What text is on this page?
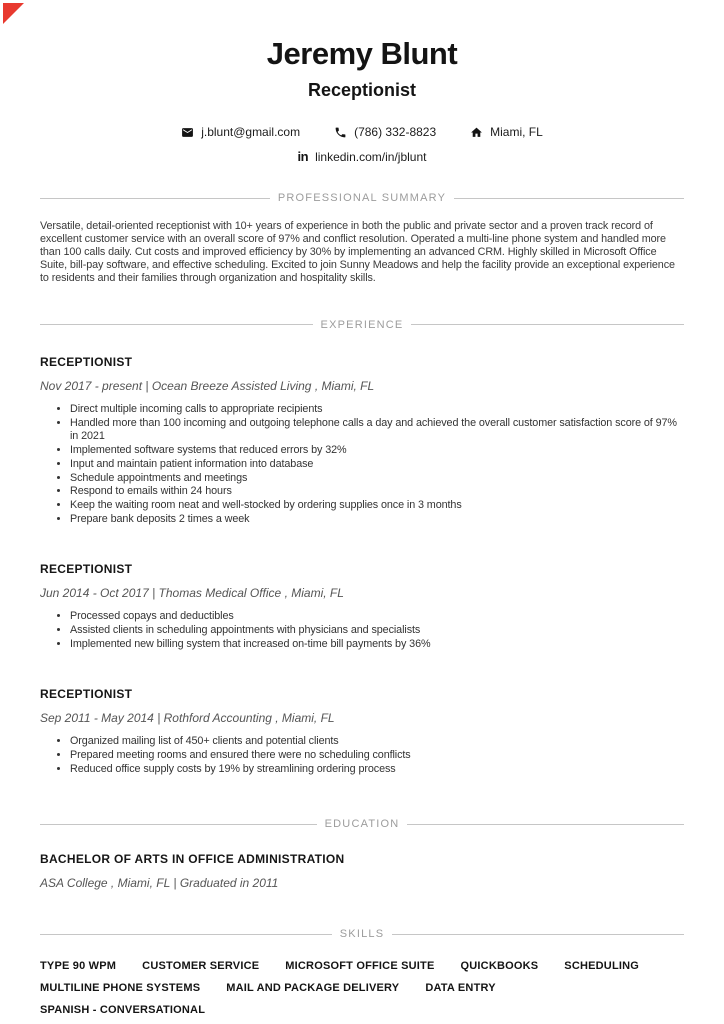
Jeremy Blunt
Receptionist
j.blunt@gmail.com	(786) 332-8823	Miami, FL
in linkedin.com/in/jblunt
PROFESSIONAL SUMMARY

Versatile, detail-oriented receptionist with 10+ years of experience in both the public and private sector and a proven track record of excellent customer service with an overall score of 97% and conflict resolution. Operated a multi-line phone system and handled more than 100 calls daily. Cut costs and improved efficiency by 30% by implementing an advanced CRM. Highly skilled in Microsoft Office Suite, bill-pay software, and effective scheduling. Excited to join Sunny Meadows and help the facility provide an exceptional experience to residents and their families through organization and hospitality skills.

EXPERIENCE
RECEPTIONIST

Nov 2017 - present | Ocean Breeze Assisted Living , Miami, FL

• Direct multiple incoming calls to appropriate recipients
• Handled more than 100 incoming and outgoing telephone calls a day and achieved the overall customer satisfaction score of 97% in 2021
• Implemented software systems that reduced errors by 32%
• Input and maintain patient information into database
• Schedule appointments and meetings
• Respond to emails within 24 hours
• Keep the waiting room neat and well-stocked by ordering supplies once in 3 months
• Prepare bank deposits 2 times a week
RECEPTIONIST

Jun 2014 - Oct 2017 | Thomas Medical Office , Miami, FL

• Processed copays and deductibles
• Assisted clients in scheduling appointments with physicians and specialists
• Implemented new billing system that increased on-time bill payments by 36%
RECEPTIONIST

Sep 2011 - May 2014 | Rothford Accounting , Miami, FL

• Organized mailing list of 450+ clients and potential clients
• Prepared meeting rooms and ensured there were no scheduling conflicts
• Reduced office supply costs by 19% by streamlining ordering process
EDUCATION
BACHELOR OF ARTS IN OFFICE ADMINISTRATION

ASA College , Miami, FL | Graduated in 2011

SKILLS
TYPE 90 WPM CUSTOMER SERVICE MICROSOFT OFFICE SUITE QUICKBOOKS SCHEDULING
MULTILINE PHONE SYSTEMS MAIL AND PACKAGE DELIVERY DATA ENTRY
SPANISH - CONVERSATIONAL
